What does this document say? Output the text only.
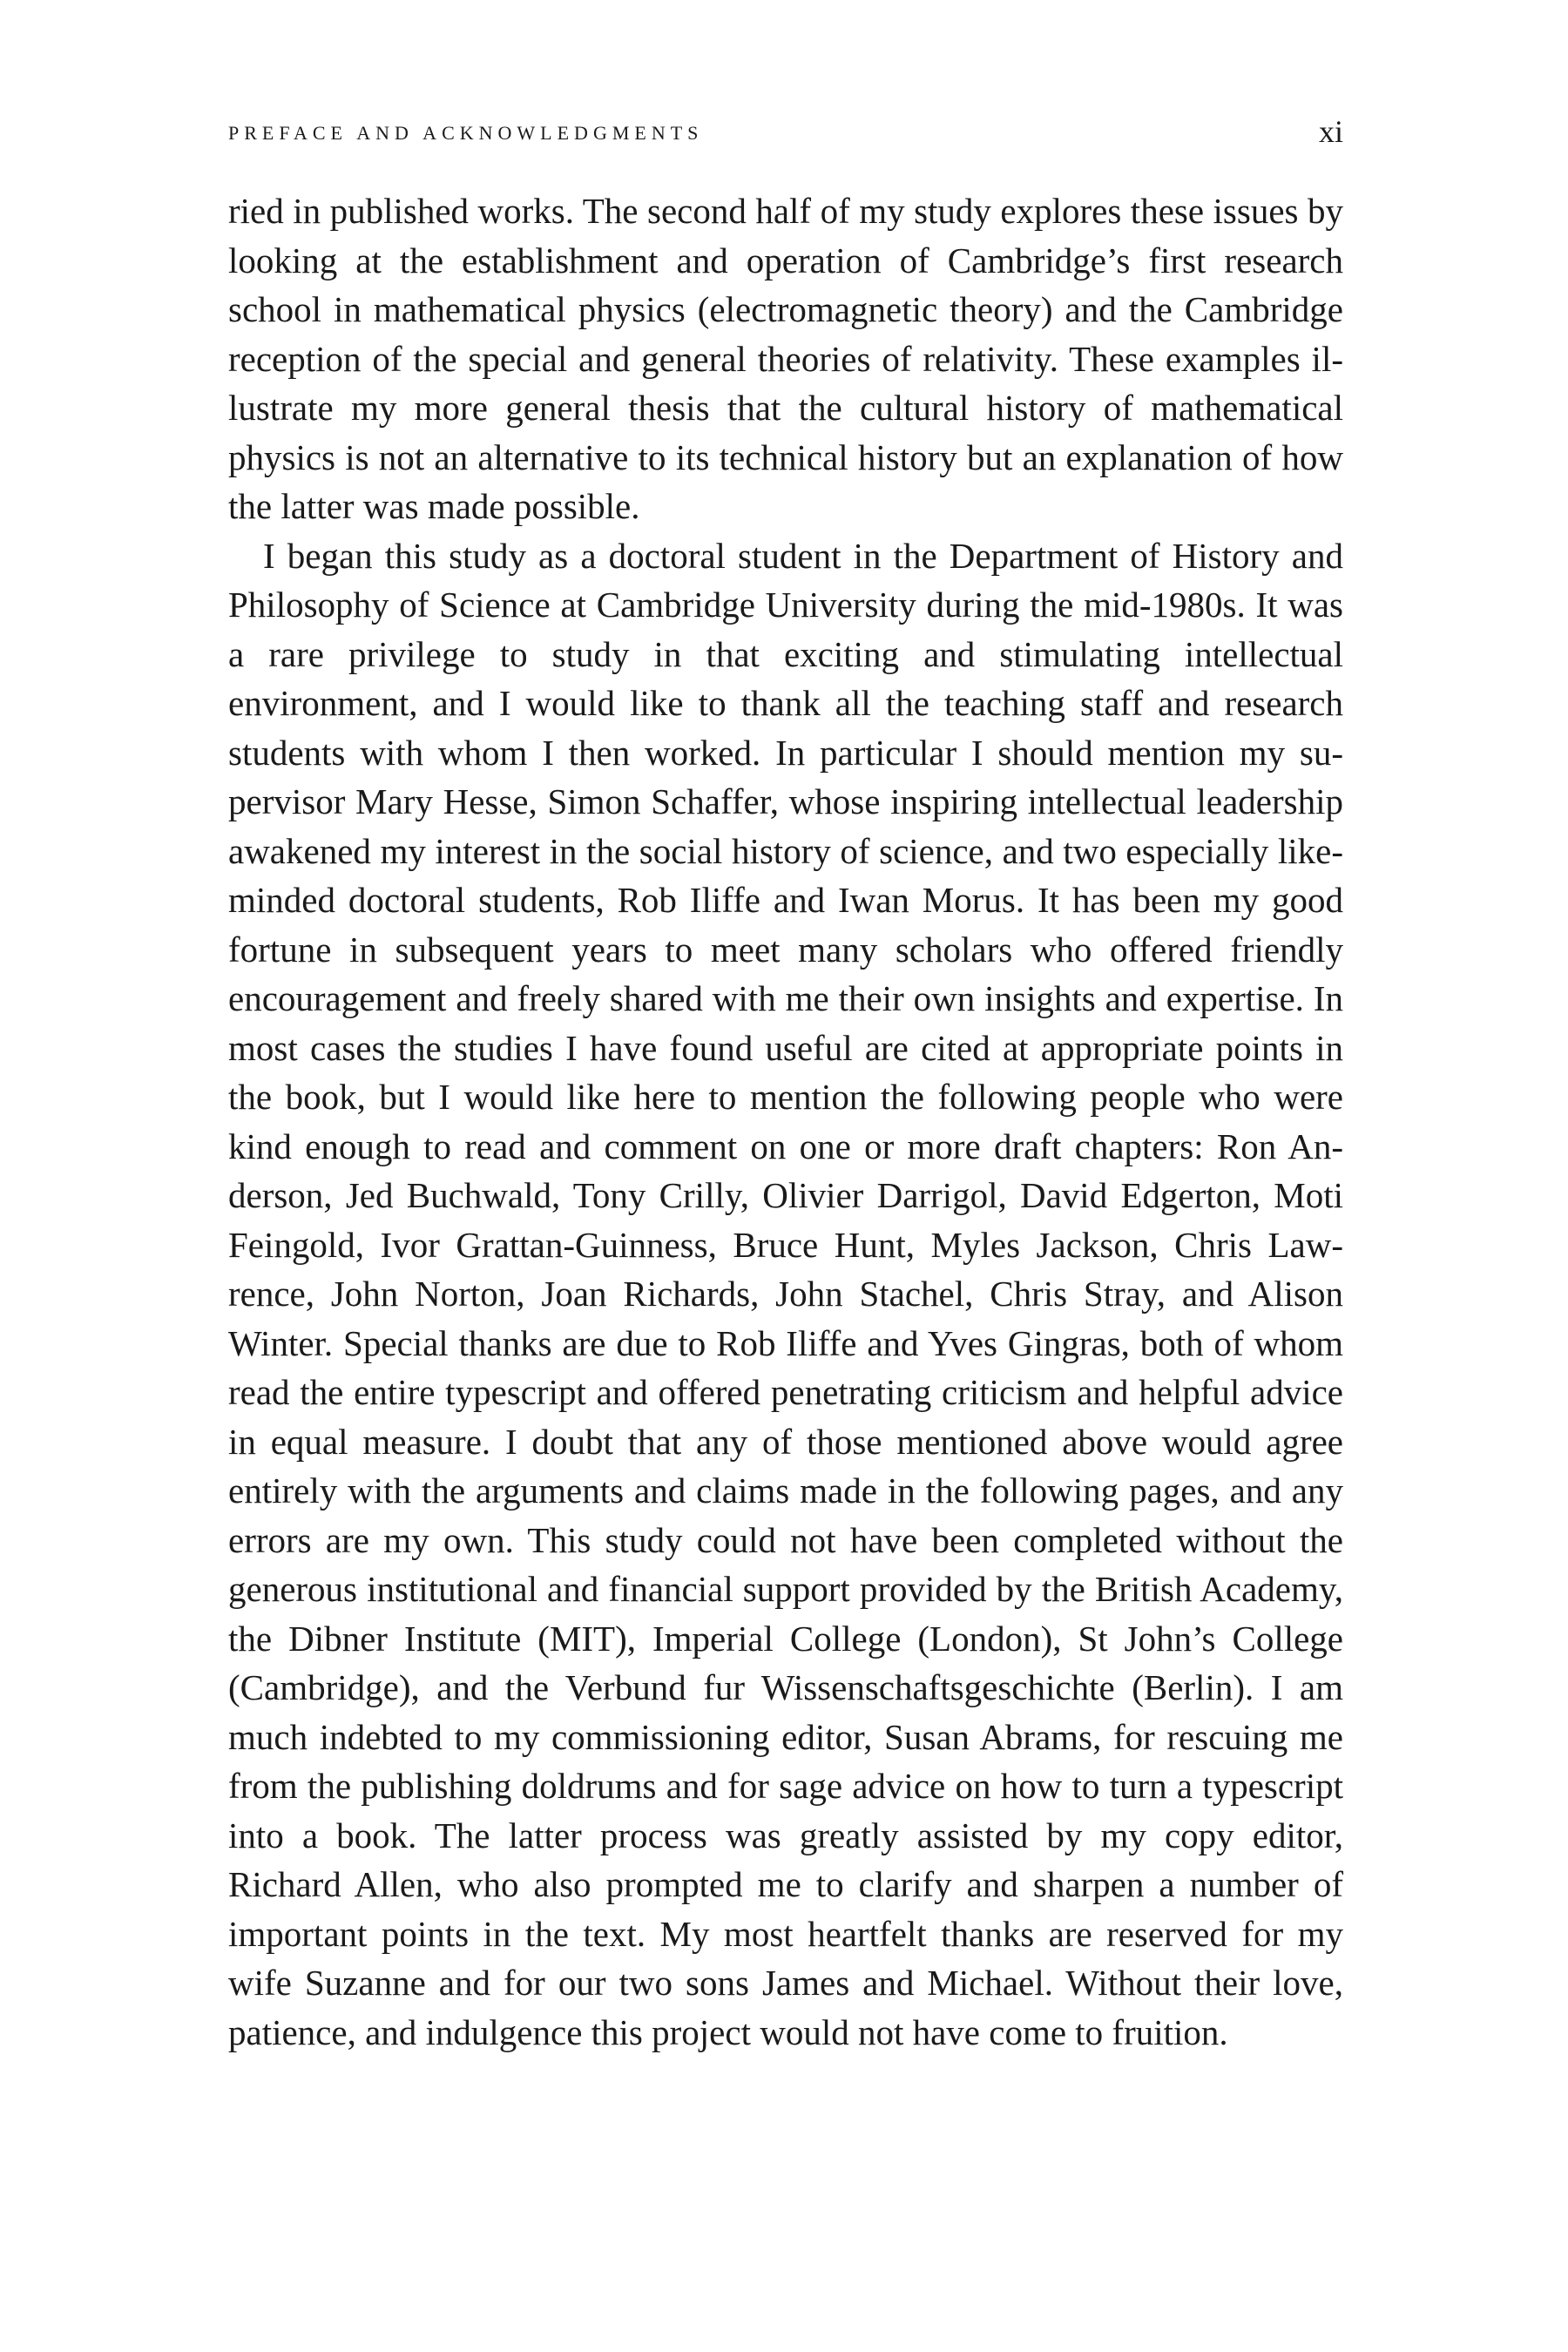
PREFACE AND ACKNOWLEDGMENTS	xi

ried in published works. The second half of my study explores these issues by looking at the establishment and operation of Cambridge’s first research school in mathematical physics (electromagnetic theory) and the Cambridge reception of the special and general theories of relativity. These examples illustrate my more general thesis that the cultural history of mathematical physics is not an alternative to its technical history but an explanation of how the latter was made possible.

I began this study as a doctoral student in the Department of History and Philosophy of Science at Cambridge University during the mid-1980s. It was a rare privilege to study in that exciting and stimulating intellectual environment, and I would like to thank all the teaching staff and research students with whom I then worked. In particular I should mention my supervisor Mary Hesse, Simon Schaffer, whose inspiring intellectual leadership awakened my interest in the social history of science, and two especially like-minded doctoral students, Rob Iliffe and Iwan Morus. It has been my good fortune in subsequent years to meet many scholars who offered friendly encouragement and freely shared with me their own insights and expertise. In most cases the studies I have found useful are cited at appropriate points in the book, but I would like here to mention the following people who were kind enough to read and comment on one or more draft chapters: Ron Anderson, Jed Buchwald, Tony Crilly, Olivier Darrigol, David Edgerton, Moti Feingold, Ivor Grattan-Guinness, Bruce Hunt, Myles Jackson, Chris Lawrence, John Norton, Joan Richards, John Stachel, Chris Stray, and Alison Winter. Special thanks are due to Rob Iliffe and Yves Gingras, both of whom read the entire typescript and offered penetrating criticism and helpful advice in equal measure. I doubt that any of those mentioned above would agree entirely with the arguments and claims made in the following pages, and any errors are my own. This study could not have been completed without the generous institutional and financial support provided by the British Academy, the Dibner Institute (MIT), Imperial College (London), St John’s College (Cambridge), and the Verbund fur Wissenschaftsgeschichte (Berlin). I am much indebted to my commissioning editor, Susan Abrams, for rescuing me from the publishing doldrums and for sage advice on how to turn a typescript into a book. The latter process was greatly assisted by my copy editor, Richard Allen, who also prompted me to clarify and sharpen a number of important points in the text. My most heartfelt thanks are reserved for my wife Suzanne and for our two sons James and Michael. Without their love, patience, and indulgence this project would not have come to fruition.
